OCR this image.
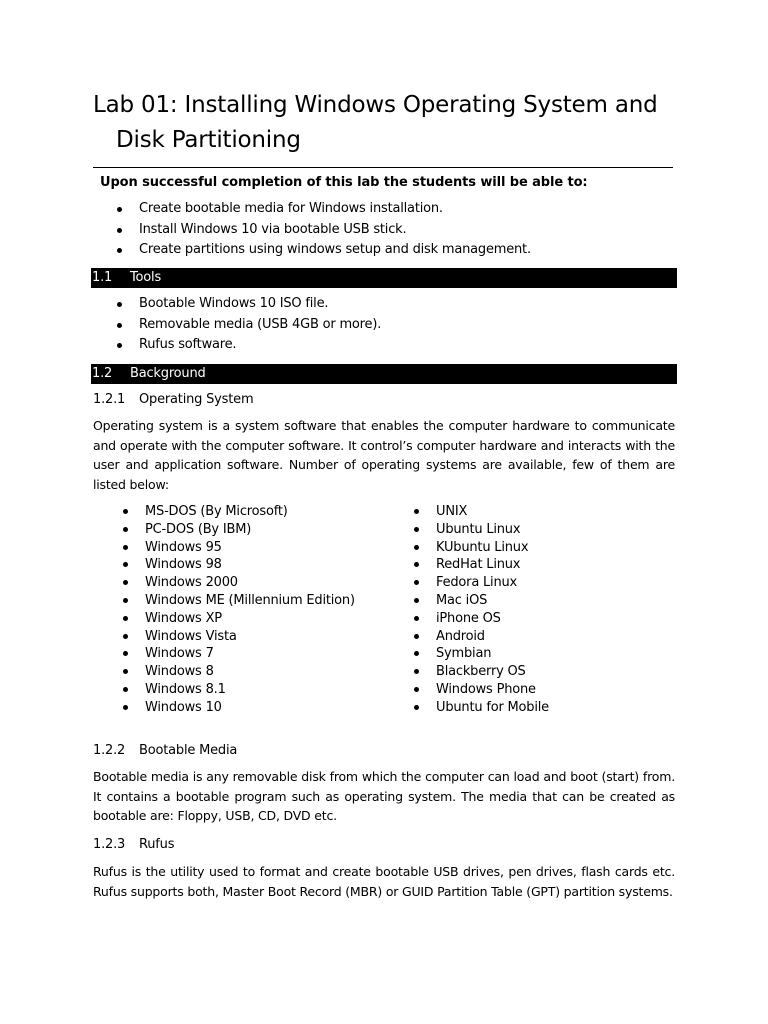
Lab 01: Installing Windows Operating System and
Disk Partitioning
Upon successful completion of this lab the students will be able to:
Create bootable media for Windows installation.
Install Windows 10 via bootable USB stick.
Create partitions using windows setup and disk management.
1.1 Tools
Bootable Windows 10 ISO file.
Removable media (USB 4GB or more).
Rufus software.
1.2 Background
1.2.1 Operating System

Operating system is a system software that enables the computer hardware to communicate and operate with the computer software. It control’s computer hardware and interacts with the user and application software. Number of operating systems are available, few of them are listed below:

MS-DOS (By Microsoft)
PC-DOS (By IBM)
Windows 95
Windows 98
Windows 2000
Windows ME (Millennium Edition)
Windows XP
Windows Vista
Windows 7
Windows 8
Windows 8.1
Windows 10
UNIX
Ubuntu Linux
KUbuntu Linux
RedHat Linux
Fedora Linux
Mac iOS
iPhone OS
Android
Symbian
Blackberry OS
Windows Phone
Ubuntu for Mobile
1.2.2 Bootable Media

Bootable media is any removable disk from which the computer can load and boot (start) from. It contains a bootable program such as operating system. The media that can be created as bootable are: Floppy, USB, CD, DVD etc.

1.2.3 Rufus

Rufus is the utility used to format and create bootable USB drives, pen drives, flash cards etc. Rufus supports both, Master Boot Record (MBR) or GUID Partition Table (GPT) partition systems.
